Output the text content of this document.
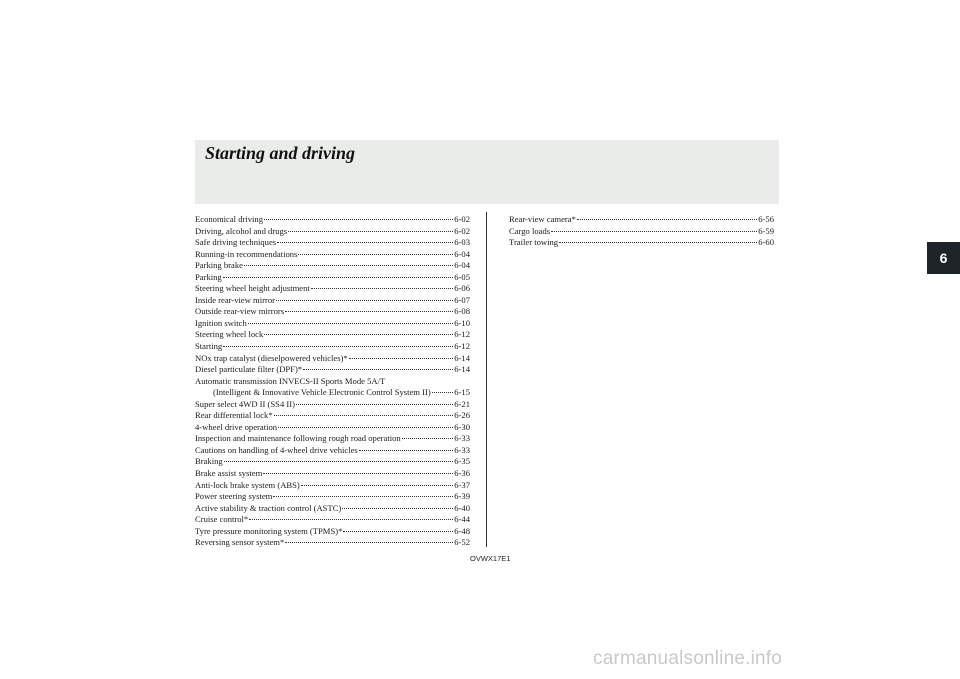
Starting and driving
Economical driving	6-02
Driving, alcohol and drugs	6-02
Safe driving techniques	6-03
Running-in recommendations	6-04
Parking brake	6-04
Parking	6-05
Steering wheel height adjustment	6-06
Inside rear-view mirror	6-07
Outside rear-view mirrors	6-08
Ignition switch	6-10
Steering wheel lock	6-12
Starting	6-12
NOx trap catalyst (dieselpowered vehicles)*	6-14
Diesel particulate filter (DPF)*	6-14
Automatic transmission INVECS-II Sports Mode 5A/T
(Intelligent & Innovative Vehicle Electronic Control System II)	6-15
Super select 4WD II (SS4 II)	6-21
Rear differential lock*	6-26
4-wheel drive operation	6-30
Inspection and maintenance following rough road operation	6-33
Cautions on handling of 4-wheel drive vehicles	6-33
Braking	6-35
Brake assist system	6-36
Anti-lock brake system (ABS)	6-37
Power steering system	6-39
Active stability & traction control (ASTC)	6-40
Cruise control*	6-44
Tyre pressure monitoring system (TPMS)*	6-48
Reversing sensor system*	6-52
Rear-view camera*	6-56
Cargo loads	6-59
Trailer towing	6-60
OVWX17E1
6
carmanualsonline.info
